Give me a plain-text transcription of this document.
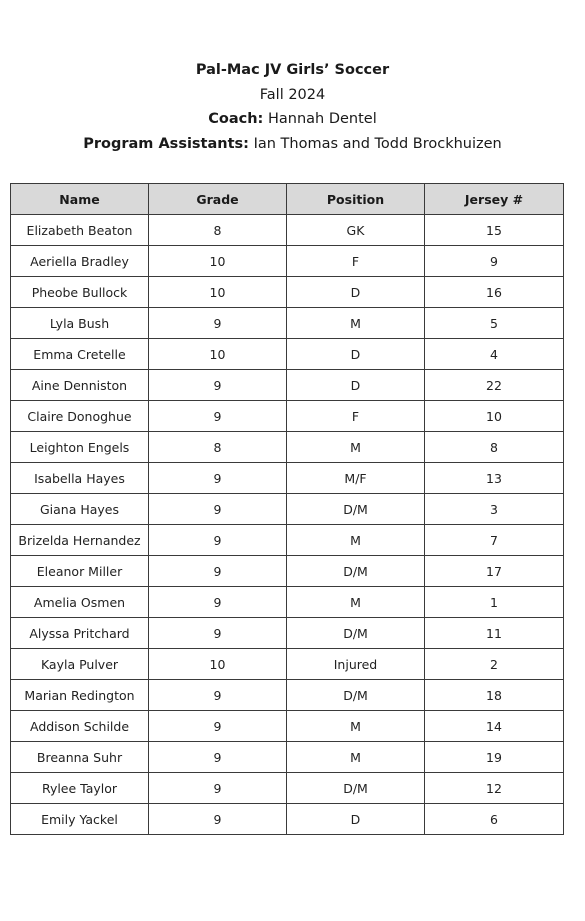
Pal-Mac JV Girls’ Soccer
Fall 2024
Coach: Hannah Dentel
Program Assistants: Ian Thomas and Todd Brockhuizen
Name	Grade	Position	Jersey #
Elizabeth Beaton	8	GK	15
Aeriella Bradley	10	F	9
Pheobe Bullock	10	D	16
Lyla Bush	9	M	5
Emma Cretelle	10	D	4
Aine Denniston	9	D	22
Claire Donoghue	9	F	10
Leighton Engels	8	M	8
Isabella Hayes	9	M/F	13
Giana Hayes	9	D/M	3
Brizelda Hernandez	9	M	7
Eleanor Miller	9	D/M	17
Amelia Osmen	9	M	1
Alyssa Pritchard	9	D/M	11
Kayla Pulver	10	Injured	2
Marian Redington	9	D/M	18
Addison Schilde	9	M	14
Breanna Suhr	9	M	19
Rylee Taylor	9	D/M	12
Emily Yackel	9	D	6
